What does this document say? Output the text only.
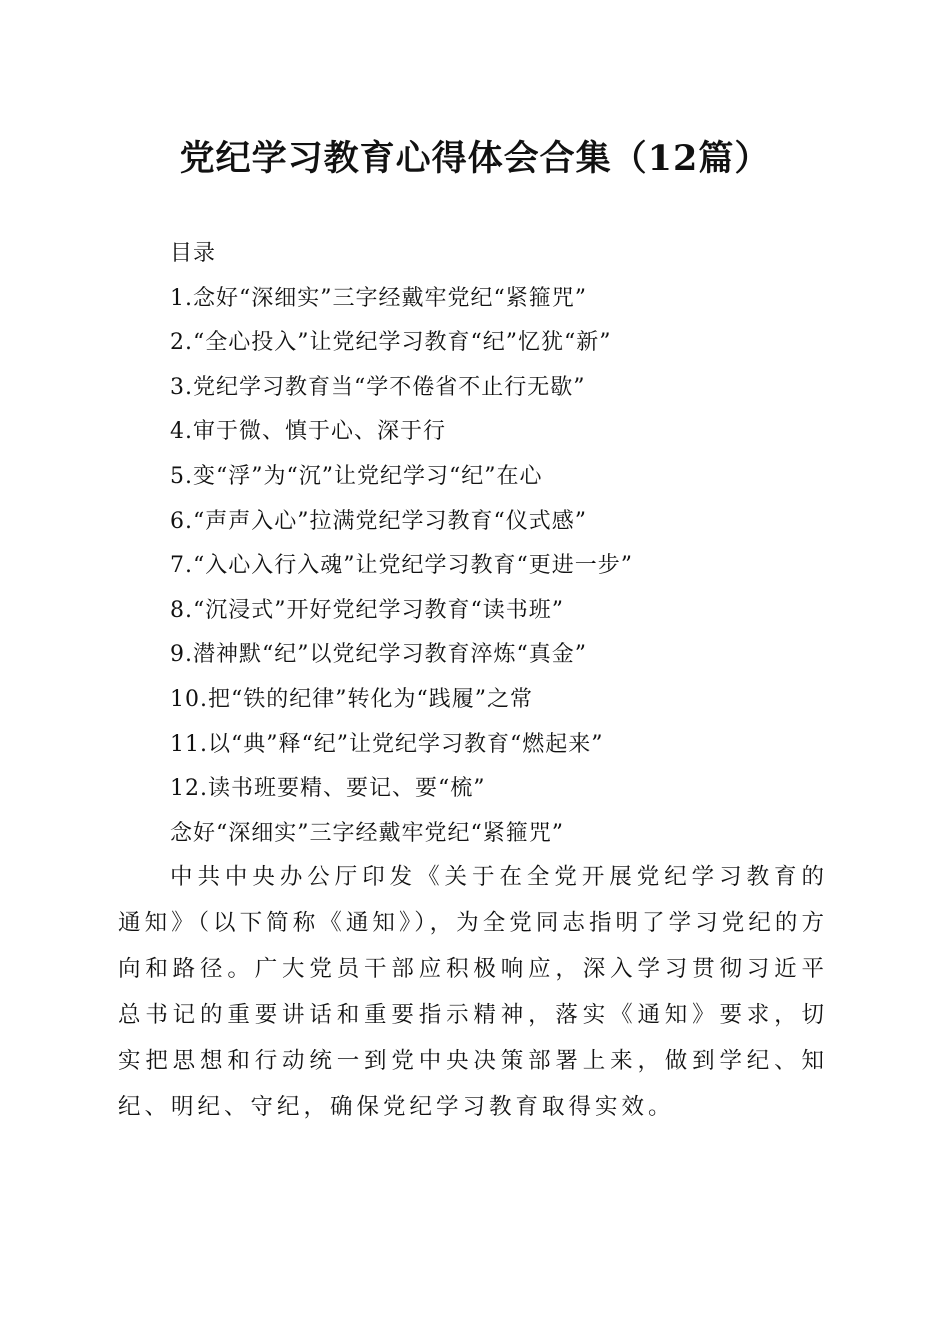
党纪学习教育心得体会合集（12篇）
目录
1.念好“深细实”三字经戴牢党纪“紧箍咒”
2.“全心投入”让党纪学习教育“纪”忆犹“新”
3.党纪学习教育当“学不倦省不止行无歇”
4.审于微、慎于心、深于行
5.变“浮”为“沉”让党纪学习“纪”在心
6.“声声入心”拉满党纪学习教育“仪式感”
7.“入心入行入魂”让党纪学习教育“更进一步”
8.“沉浸式”开好党纪学习教育“读书班”
9.潜神默“纪”以党纪学习教育淬炼“真金”
10.把“铁的纪律”转化为“践履”之常
11.以“典”释“纪”让党纪学习教育“燃起来”
12.读书班要精、要记、要“梳”
念好“深细实”三字经戴牢党纪“紧箍咒”

中共中央办公厅印发《关于在全党开展党纪学习教育的通知》（以下简称《通知》），为全党同志指明了学习党纪的方向和路径。广大党员干部应积极响应，深入学习贯彻习近平总书记的重要讲话和重要指示精神，落实《通知》要求，切实把思想和行动统一到党中央决策部署上来，做到学纪、知纪、明纪、守纪，确保党纪学习教育取得实效。
